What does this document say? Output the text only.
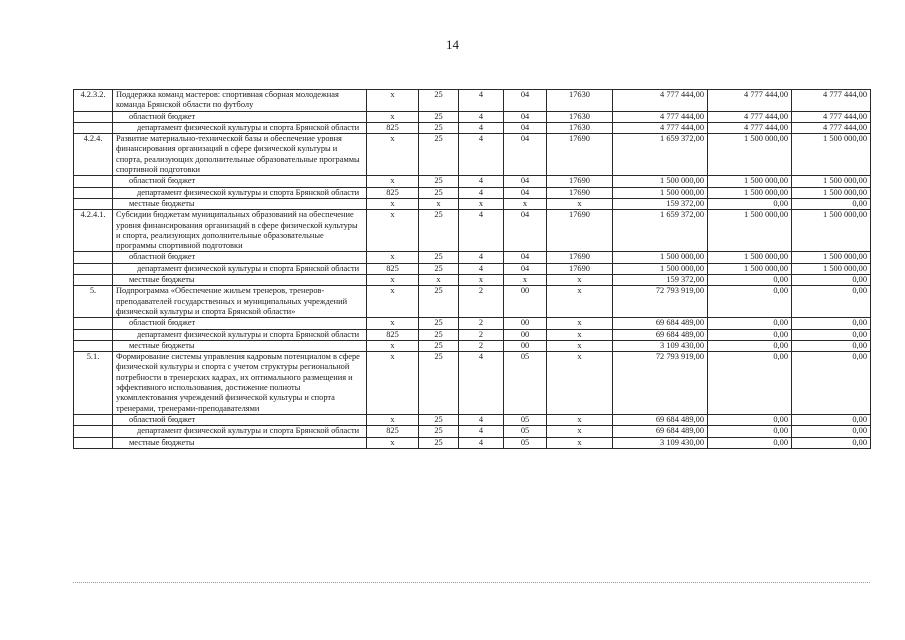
14
4.2.3.2.	Поддержка команд мастеров: спортивная сборная молодежная команда Брянской области по футболу	x	25	4	04	17630	4 777 444,00	4 777 444,00	4 777 444,00
	областной бюджет	x	25	4	04	17630	4 777 444,00	4 777 444,00	4 777 444,00
	департамент физической культуры и спорта Брянской области	825	25	4	04	17630	4 777 444,00	4 777 444,00	4 777 444,00
4.2.4.	Развитие материально-технической базы и обеспечение уровня финансирования организаций в сфере физической культуры и спорта, реализующих дополнительные образовательные программы спортивной подготовки	x	25	4	04	17690	1 659 372,00	1 500 000,00	1 500 000,00
	областной бюджет	x	25	4	04	17690	1 500 000,00	1 500 000,00	1 500 000,00
	департамент физической культуры и спорта Брянской области	825	25	4	04	17690	1 500 000,00	1 500 000,00	1 500 000,00
	местные бюджеты	x	x	x	x	x	159 372,00	0,00	0,00
4.2.4.1.	Субсидии бюджетам муниципальных образований на обеспечение уровня финансирования организаций в сфере физической культуры и спорта, реализующих дополнительные образовательные программы спортивной подготовки	x	25	4	04	17690	1 659 372,00	1 500 000,00	1 500 000,00
	областной бюджет	x	25	4	04	17690	1 500 000,00	1 500 000,00	1 500 000,00
	департамент физической культуры и спорта Брянской области	825	25	4	04	17690	1 500 000,00	1 500 000,00	1 500 000,00
	местные бюджеты	x	x	x	x	x	159 372,00	0,00	0,00
5.	Подпрограмма «Обеспечение жильем тренеров, тренеров-преподавателей государственных и муниципальных учреждений физической культуры и спорта Брянской области»	x	25	2	00	x	72 793 919,00	0,00	0,00
	областной бюджет	x	25	2	00	x	69 684 489,00	0,00	0,00
	департамент физической культуры и спорта Брянской области	825	25	2	00	x	69 684 489,00	0,00	0,00
	местные бюджеты	x	25	2	00	x	3 109 430,00	0,00	0,00
5.1.	Формирование системы управления кадровым потенциалом в сфере физической культуры и спорта с учетом структуры региональной потребности в тренерских кадрах, их оптимального размещения и эффективного использования, достижение полноты укомплектования учреждений физической культуры и спорта тренерами, тренерами-преподавателями	x	25	4	05	x	72 793 919,00	0,00	0,00
	областной бюджет	x	25	4	05	x	69 684 489,00	0,00	0,00
	департамент физической культуры и спорта Брянской области	825	25	4	05	x	69 684 489,00	0,00	0,00
	местные бюджеты	x	25	4	05	x	3 109 430,00	0,00	0,00
